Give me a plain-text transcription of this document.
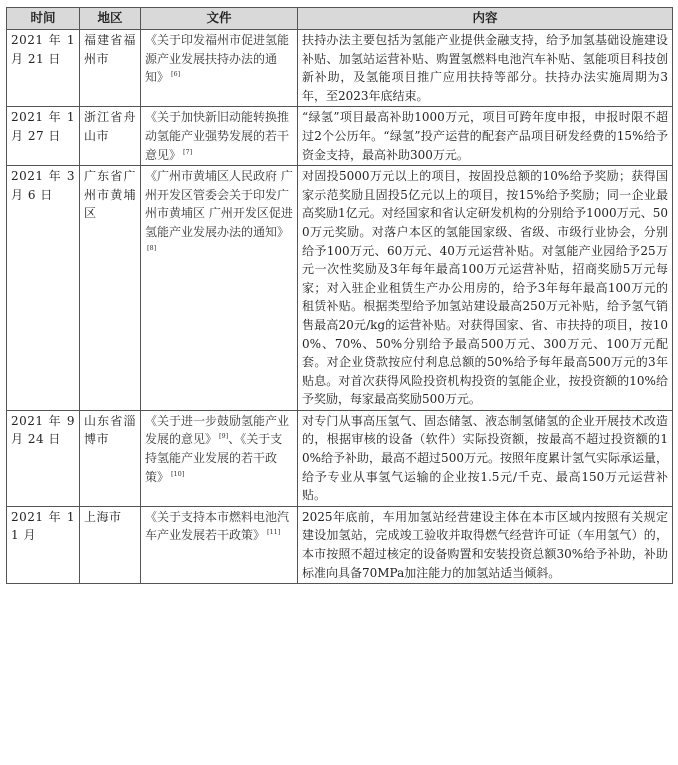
时间	地区	文件	内容
2021 年 1 月 21 日	福建省福州市	《关于印发福州市促进氢能源产业发展扶持办法的通知》 [6]	扶持办法主要包括为氢能产业提供金融支持，给予加氢基础设施建设补贴、加氢站运营补贴、购置氢燃料电池汽车补贴、氢能项目科技创新补助，及氢能项目推广应用扶持等部分。扶持办法实施周期为3年，至2023年底结束。
2021 年 1 月 27 日	浙江省舟山市	《关于加快新旧动能转换推动氢能产业强势发展的若干意见》 [7]	“绿氢”项目最高补助1000万元，项目可跨年度申报，申报时限不超过2个公历年。“绿氢”投产运营的配套产品项目研发经费的15%给予资金支持，最高补助300万元。
2021 年 3 月 6 日	广东省广州市黄埔区	《广州市黄埔区人民政府 广州开发区管委会关于印发广州市黄埔区 广州开发区促进氢能产业发展办法的通知》[8]	对固投5000万元以上的项目，按固投总额的10%给予奖励；获得国家示范奖励且固投5亿元以上的项目，按15%给予奖励；同一企业最高奖励1亿元。对经国家和省认定研发机构的分别给予1000万元、500万元奖励。对落户本区的氢能国家级、省级、市级行业协会，分别给予100万元、60万元、40万元运营补贴。对氢能产业园给予25万元一次性奖励及3年每年最高100万元运营补贴，招商奖励5万元每家；对入驻企业租赁生产办公用房的，给予3年每年最高100万元的租赁补贴。根据类型给予加氢站建设最高250万元补贴，给予氢气销售最高20元/kg的运营补贴。对获得国家、省、市扶持的项目，按100%、70%、50%分别给予最高500万元、300万元、100万元配套。对企业贷款按应付利息总额的50%给予每年最高500万元的3年贴息。对首次获得风险投资机构投资的氢能企业，按投资额的10%给予奖励，每家最高奖励500万元。
2021 年 9 月 24 日	山东省淄博市	《关于进一步鼓励氢能产业发展的意见》 [9]、《关于支持氢能产业发展的若干政策》 [10]	对专门从事高压氢气、固态储氢、液态制氢储氢的企业开展技术改造的，根据审核的设备（软件）实际投资额，按最高不超过投资额的10%给予补助，最高不超过500万元。按照年度累计氢气实际承运量，给予专业从事氢气运输的企业按1.5元/千克、最高150万元运营补贴。
2021 年 11 月	上海市	《关于支持本市燃料电池汽车产业发展若干政策》 [11]	2025年底前，车用加氢站经营建设主体在本市区域内按照有关规定建设加氢站，完成竣工验收并取得燃气经营许可证（车用氢气）的，本市按照不超过核定的设备购置和安装投资总额30%给予补助，补助标准向具备70MPa加注能力的加氢站适当倾斜。
